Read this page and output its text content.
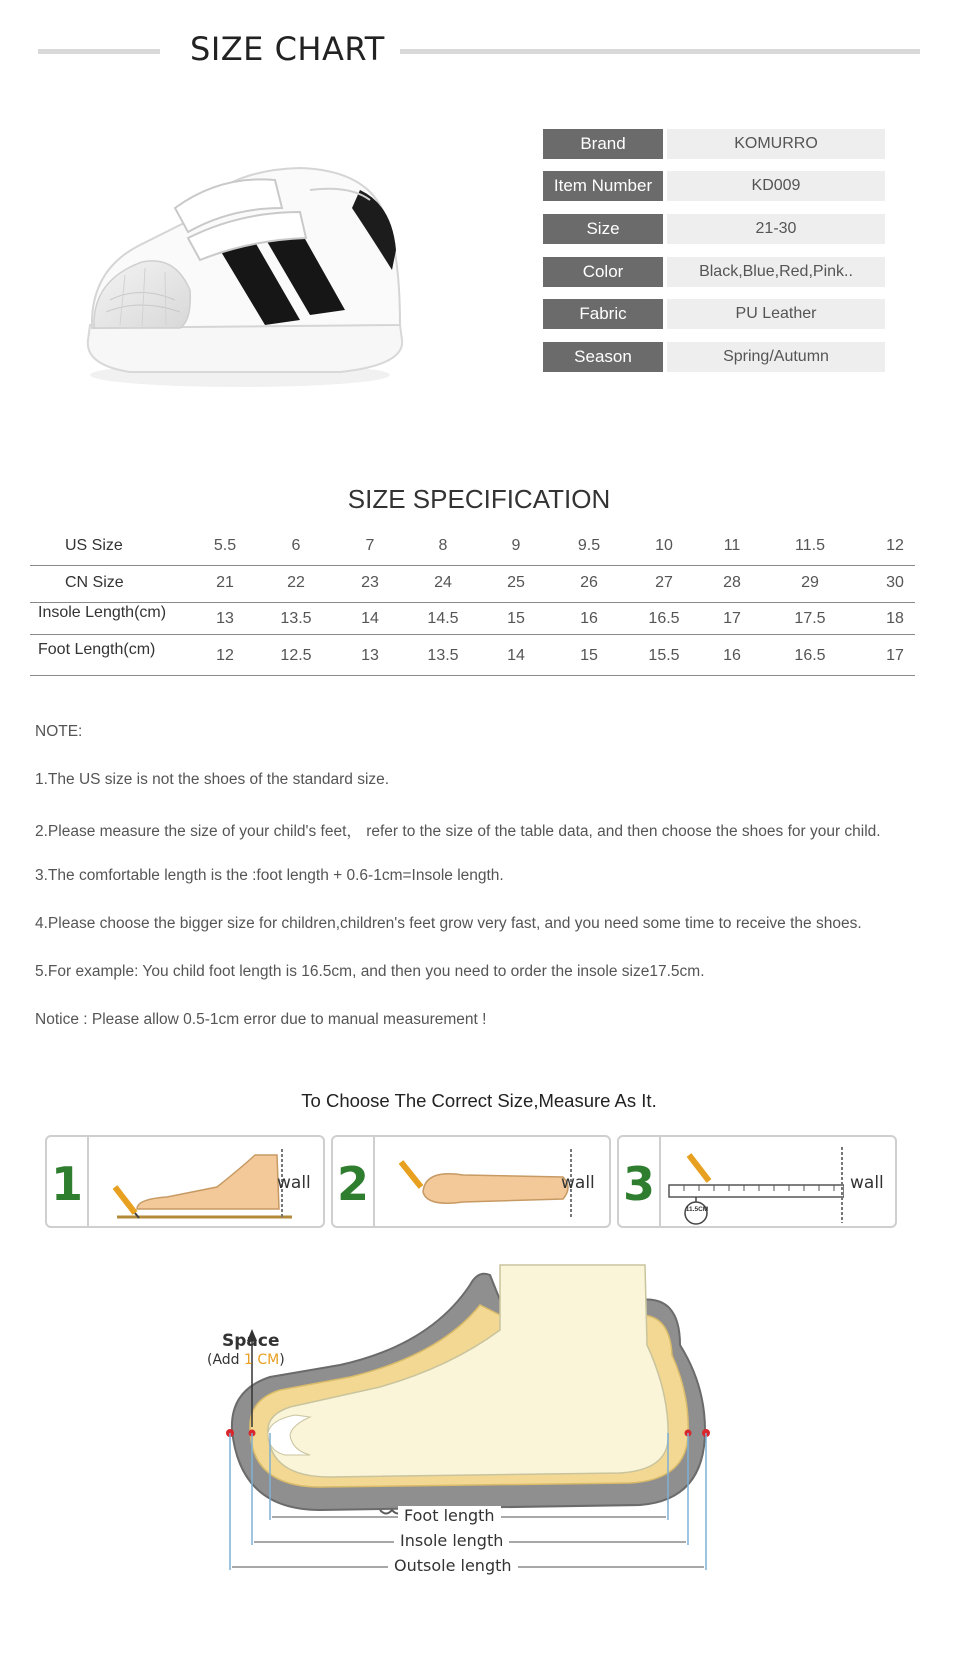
SIZE CHART
Brand	KOMURRO
Item Number	KD009
Size	21-30
Color	Black,Blue,Red,Pink..
Fabric	PU Leather
Season	Spring/Autumn
SIZE SPECIFICATION
US Size	5.5	6	7	8	9	9.5	10	11	11.5	12
CN Size	21	22	23	24	25	26	27	28	29	30
Insole Length(cm)	13	13.5	14	14.5	15	16	16.5	17	17.5	18
Foot Length(cm)	12	12.5	13	13.5	14	15	15.5	16	16.5	17
NOTE:
1.The US size is not the shoes of the standard size.
2.Please measure the size of your child's feet， refer to the size of the table data, and then choose the shoes for your child.
3.The comfortable length is the :foot length + 0.6-1cm=Insole length.
4.Please choose the bigger size for children,children's feet grow very fast, and you need some time to receive the shoes.
5.For example: You child foot length is 16.5cm, and then you need to order the insole size17.5cm.
Notice : Please allow 0.5-1cm error due to manual measurement !
To Choose The Correct Size,Measure As It.
1	wall 2	wall 3	11.5CM
wall
Space
(Add 1 CM)
Foot length
Insole length
Outsole length
